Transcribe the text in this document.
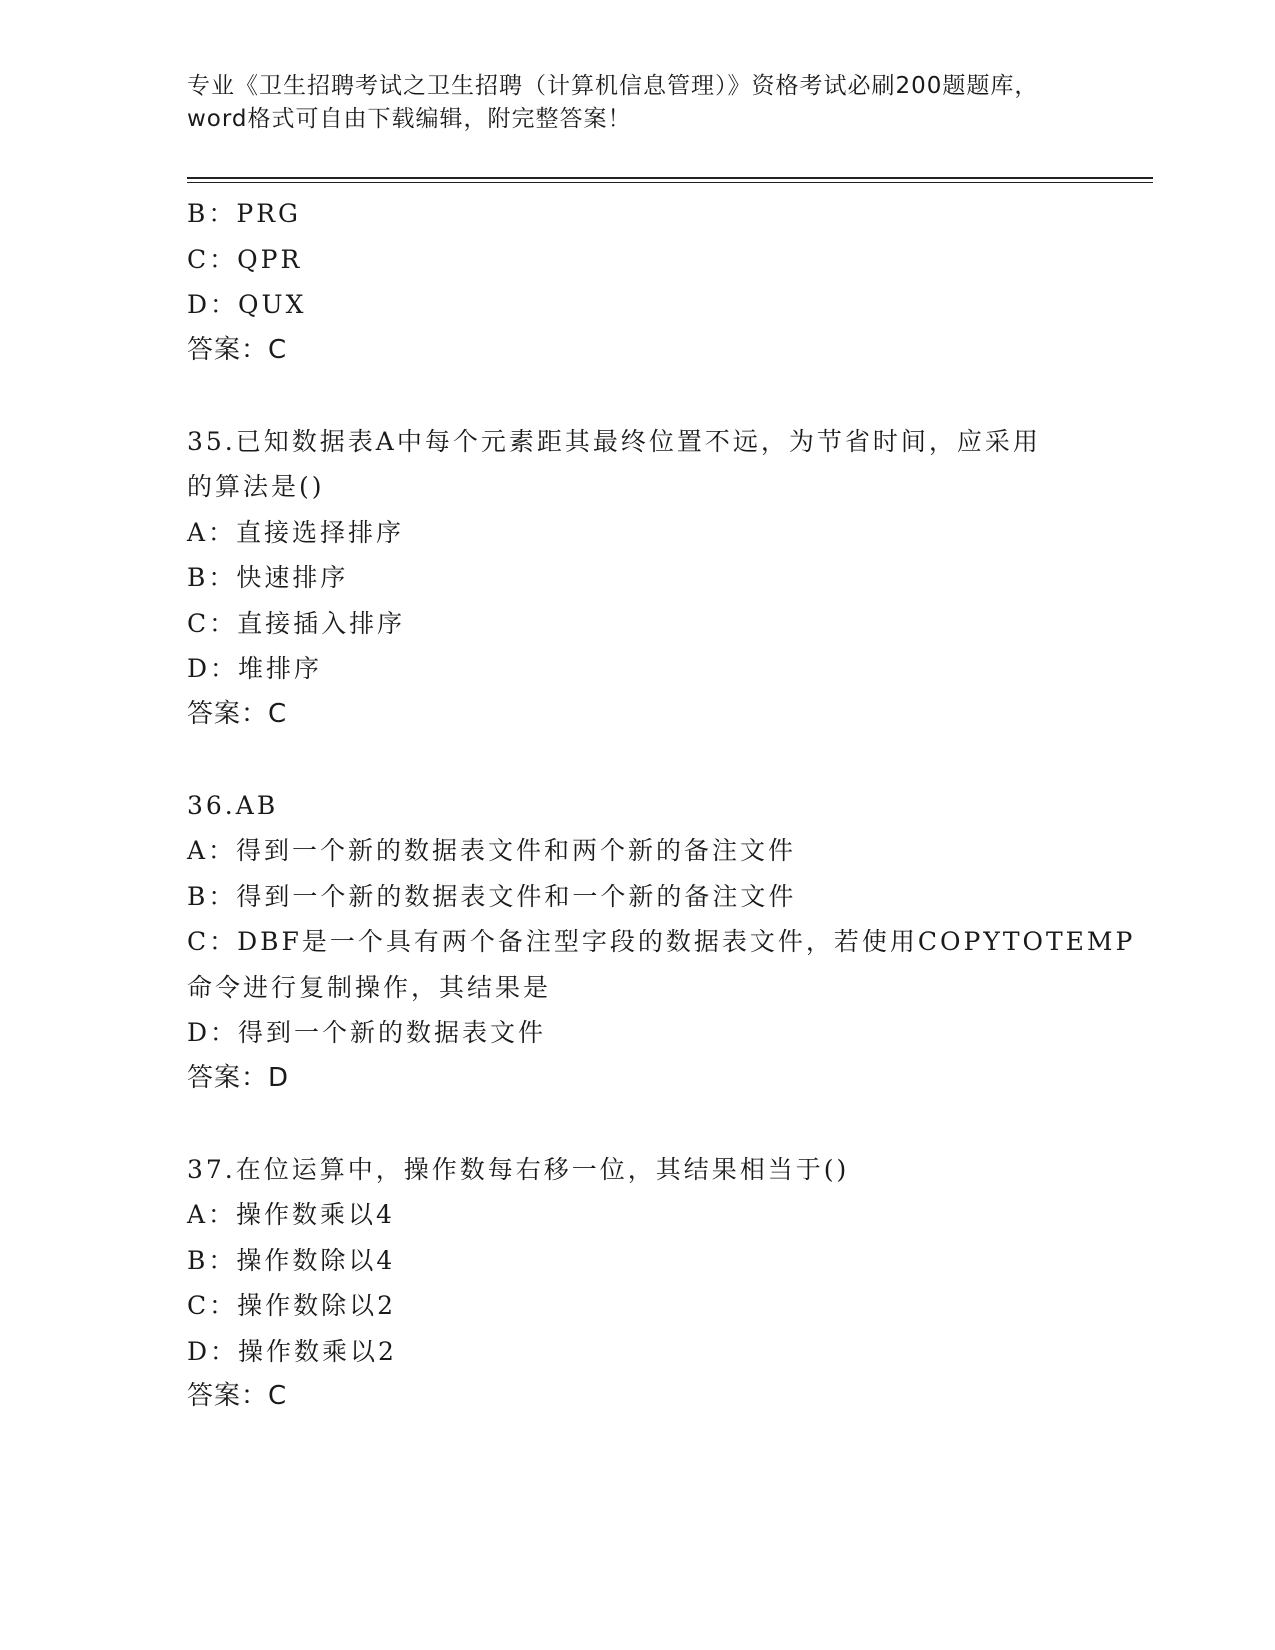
专业《卫生招聘考试之卫生招聘（计算机信息管理）》资格考试必刷200题题库，
word格式可自由下载编辑，附完整答案！
B：PRG
C：QPR
D：QUX
答案：C
35.已知数据表A中每个元素距其最终位置不远，为节省时间，应采用
的算法是()
A：直接选择排序
B：快速排序
C：直接插入排序
D：堆排序
答案：C
36.AB
A：得到一个新的数据表文件和两个新的备注文件
B：得到一个新的数据表文件和一个新的备注文件
C：DBF是一个具有两个备注型字段的数据表文件，若使用COPYTOTEMP
命令进行复制操作，其结果是
D：得到一个新的数据表文件
答案：D
37.在位运算中，操作数每右移一位，其结果相当于()
A：操作数乘以4
B：操作数除以4
C：操作数除以2
D：操作数乘以2
答案：C
